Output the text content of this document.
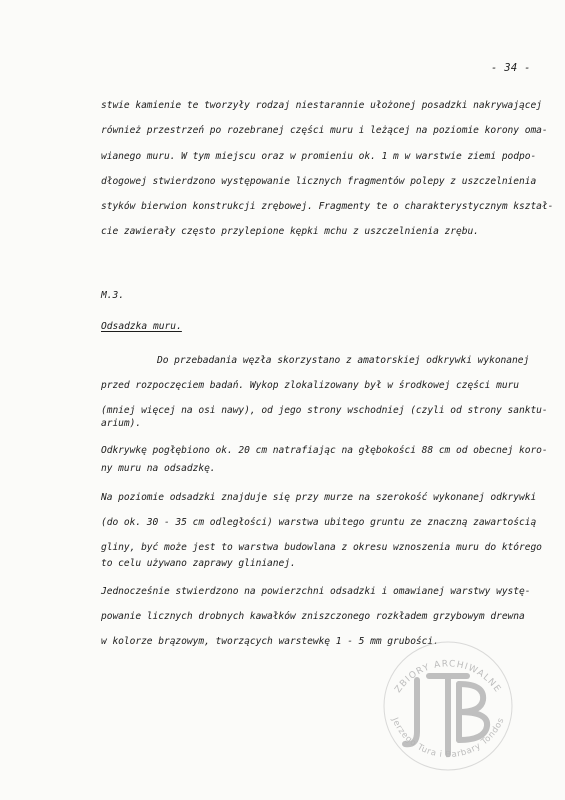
- 34 -
stwie kamienie te tworzyły rodzaj niestarannie ułożonej posadzki nakrywającej
również przestrzeń po rozebranej części muru i leżącej na poziomie korony oma-
wianego muru. W tym miejscu oraz w promieniu ok. 1 m w warstwie ziemi podpo-
dłogowej stwierdzono występowanie licznych fragmentów polepy z uszczelnienia
styków bierwion konstrukcji zrębowej. Fragmenty te o charakterystycznym kształ-
cie zawierały często przylepione kępki mchu z uszczelnienia zrębu.
M.3.
Odsadzka muru.
Do przebadania węzła skorzystano z amatorskiej odkrywki wykonanej
przed rozpoczęciem badań. Wykop zlokalizowany był w środkowej części muru
(mniej więcej na osi nawy), od jego strony wschodniej (czyli od strony sanktu-
arium).
Odkrywkę pogłębiono ok. 20 cm natrafiając na głębokości 88 cm od obecnej koro-
ny muru na odsadzkę.
Na poziomie odsadzki znajduje się przy murze na szerokość wykonanej odkrywki
(do ok. 30 - 35 cm odległości) warstwa ubitego gruntu ze znaczną zawartością
gliny, być może jest to warstwa budowlana z okresu wznoszenia muru do którego
to celu używano zaprawy glinianej.
Jednocześnie stwierdzono na powierzchni odsadzki i omawianej warstwy wystę-
powanie licznych drobnych kawałków zniszczonego rozkładem grzybowym drewna
w kolorze brązowym, tworzących warstewkę 1 - 5 mm grubości.
ZBIORY ARCHIWALNE
Jerzego Tura i Barbary Tondos
